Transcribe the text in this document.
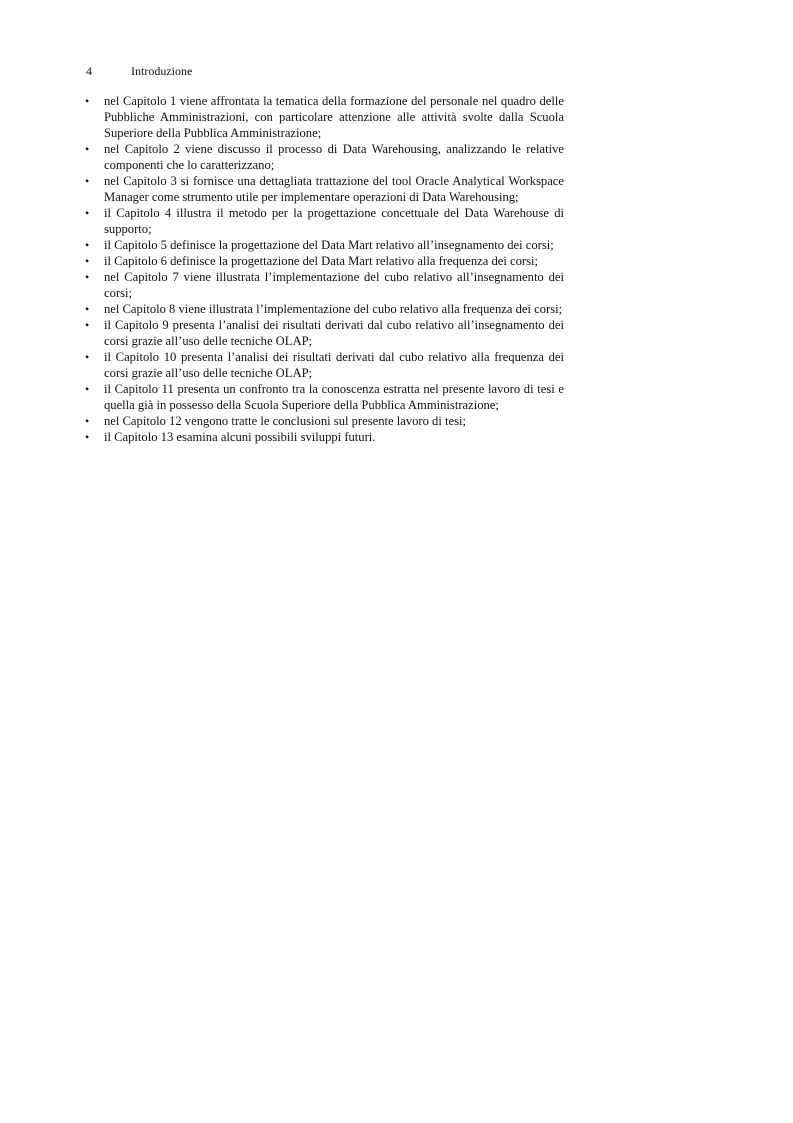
4	Introduzione
• nel Capitolo 1 viene affrontata la tematica della formazione del personale nel quadro delle Pubbliche Amministrazioni, con particolare attenzione alle attività svolte dalla Scuola Superiore della Pubblica Amministrazione;
• nel Capitolo 2 viene discusso il processo di Data Warehousing, analizzando le relative componenti che lo caratterizzano;
• nel Capitolo 3 si fornisce una dettagliata trattazione del tool Oracle Analytical Workspace Manager come strumento utile per implementare operazioni di Data Warehousing;
• il Capitolo 4 illustra il metodo per la progettazione concettuale del Data Warehouse di supporto;
• il Capitolo 5 definisce la progettazione del Data Mart relativo all’insegnamento dei corsi;
• il Capitolo 6 definisce la progettazione del Data Mart relativo alla frequenza dei corsi;
• nel Capitolo 7 viene illustrata l’implementazione del cubo relativo all’insegnamento dei corsi;
• nel Capitolo 8 viene illustrata l’implementazione del cubo relativo alla frequenza dei corsi;
• il Capitolo 9 presenta l’analisi dei risultati derivati dal cubo relativo all’insegnamento dei corsi grazie all’uso delle tecniche OLAP;
• il Capitolo 10 presenta l’analisi dei risultati derivati dal cubo relativo alla frequenza dei corsi grazie all’uso delle tecniche OLAP;
• il Capitolo 11 presenta un confronto tra la conoscenza estratta nel presente lavoro di tesi e quella già in possesso della Scuola Superiore della Pubblica Amministrazione;
• nel Capitolo 12 vengono tratte le conclusioni sul presente lavoro di tesi;
• il Capitolo 13 esamina alcuni possibili sviluppi futuri.
